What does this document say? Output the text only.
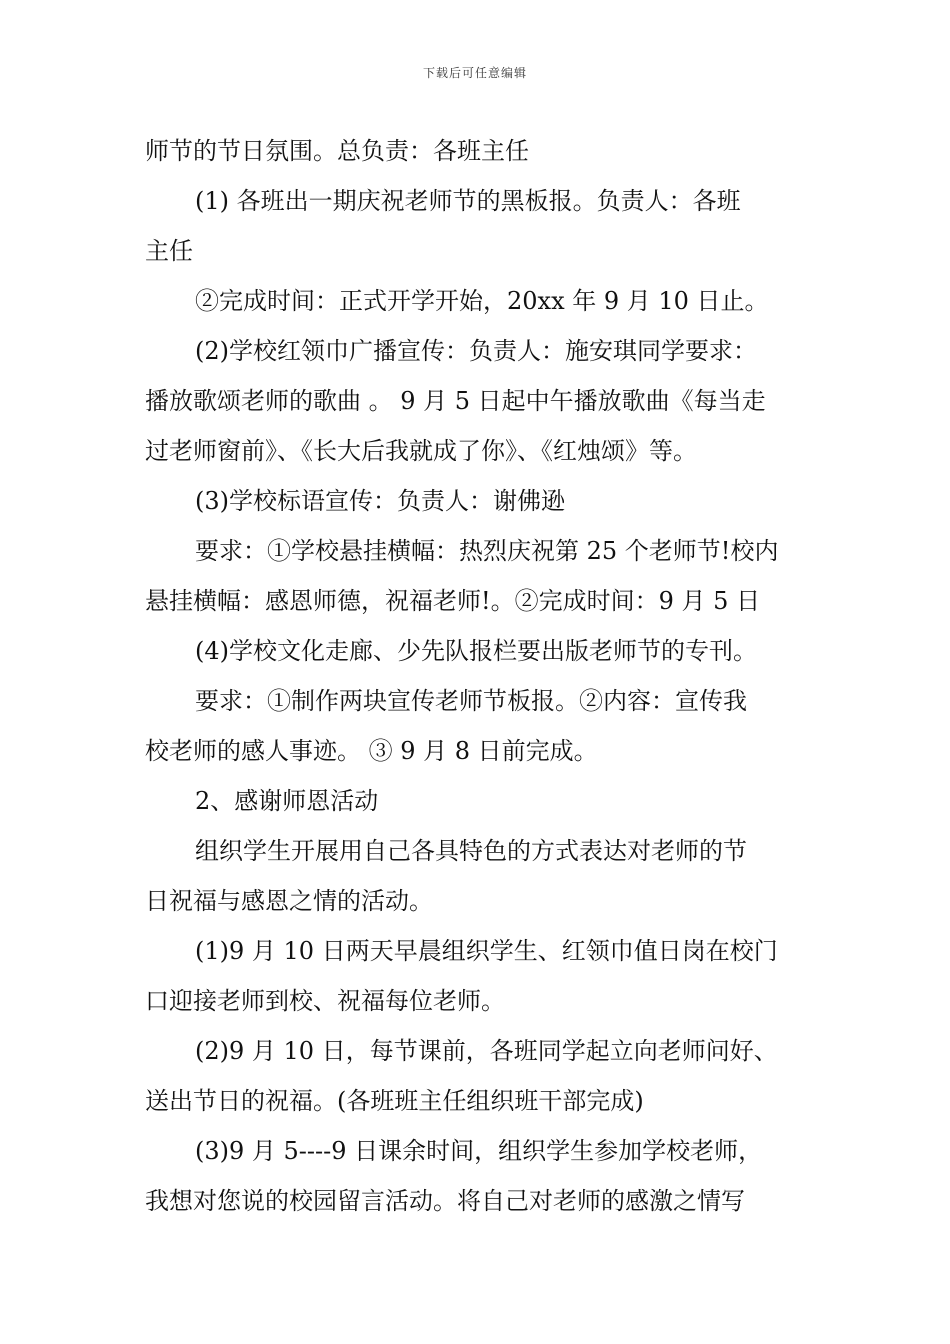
下载后可任意编辑
师节的节日氛围。总负责：各班主任
(1) 各班出一期庆祝老师节的黑板报。负责人：各班
主任
②完成时间：正式开学开始，20xx 年 9 月 10 日止。
(2)学校红领巾广播宣传：负责人：施安琪同学要求：
播放歌颂老师的歌曲 。 9 月 5 日起中午播放歌曲《每当走
过老师窗前》、《长大后我就成了你》、《红烛颂》等。
(3)学校标语宣传：负责人：谢佛逊
要求：①学校悬挂横幅：热烈庆祝第 25 个老师节!校内
悬挂横幅：感恩师德，祝福老师!。②完成时间：9 月 5 日
(4)学校文化走廊、少先队报栏要出版老师节的专刊。
要求：①制作两块宣传老师节板报。②内容：宣传我
校老师的感人事迹。 ③ 9 月 8 日前完成。
2、感谢师恩活动
组织学生开展用自己各具特色的方式表达对老师的节
日祝福与感恩之情的活动。
(1)9 月 10 日两天早晨组织学生、红领巾值日岗在校门
口迎接老师到校、祝福每位老师。
(2)9 月 10 日，每节课前，各班同学起立向老师问好、
送出节日的祝福。(各班班主任组织班干部完成)
(3)9 月 5----9 日课余时间，组织学生参加学校老师，
我想对您说的校园留言活动。将自己对老师的感激之情写
